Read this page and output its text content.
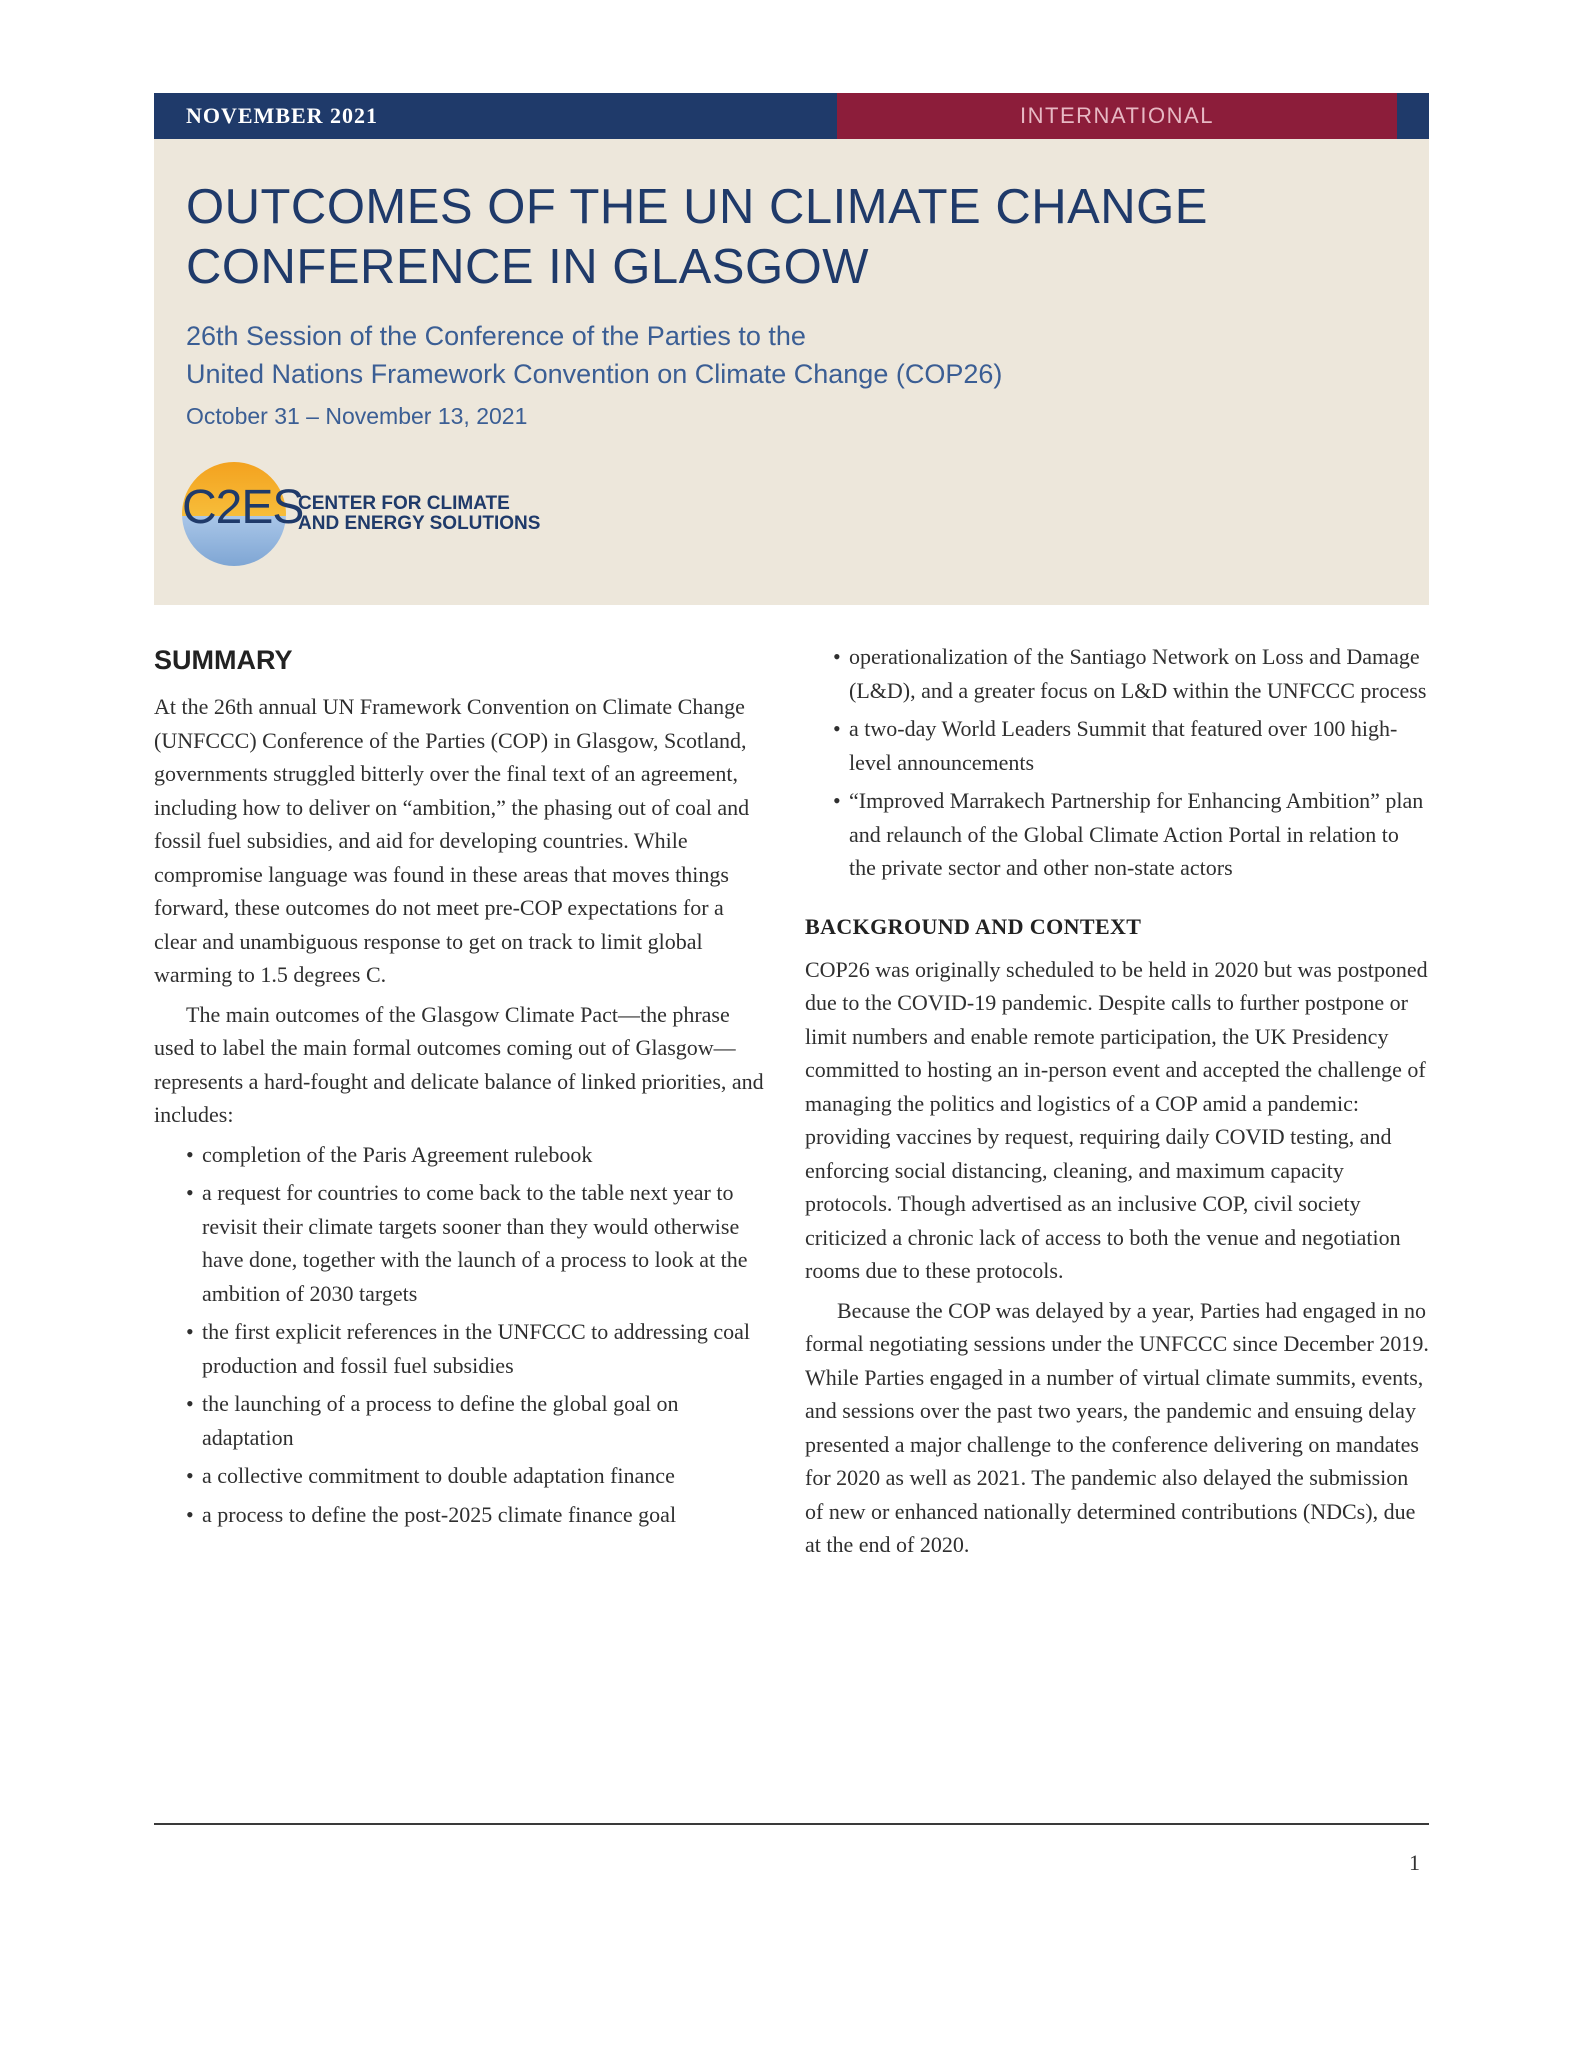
NOVEMBER 2021	INTERNATIONAL
OUTCOMES OF THE UN CLIMATE CHANGE
CONFERENCE IN GLASGOW

26th Session of the Conference of the Parties to the
United Nations Framework Convention on Climate Change (COP26)

October 31 – November 13, 2021

C2ES
CENTER FOR CLIMATE
AND ENERGY SOLUTIONS
SUMMARY

At the 26th annual UN Framework Convention on Climate Change (UNFCCC) Conference of the Parties (COP) in Glasgow, Scotland, governments struggled bitterly over the final text of an agreement, including how to deliver on “ambition,” the phasing out of coal and fossil fuel subsidies, and aid for developing countries. While compromise language was found in these areas that moves things forward, these outcomes do not meet pre-COP expectations for a clear and unambiguous response to get on track to limit global warming to 1.5 degrees C.

The main outcomes of the Glasgow Climate Pact—the phrase used to label the main formal outcomes coming out of Glasgow—represents a hard-fought and delicate balance of linked priorities, and includes:

• completion of the Paris Agreement rulebook
• a request for countries to come back to the table next year to revisit their climate targets sooner than they would otherwise have done, together with the launch of a process to look at the ambition of 2030 targets
• the first explicit references in the UNFCCC to addressing coal production and fossil fuel subsidies
• the launching of a process to define the global goal on adaptation
• a collective commitment to double adaptation finance
• a process to define the post-2025 climate finance goal
• operationalization of the Santiago Network on Loss and Damage (L&D), and a greater focus on L&D within the UNFCCC process
• a two-day World Leaders Summit that featured over 100 high-level announcements
• “Improved Marrakech Partnership for Enhancing Ambition” plan and relaunch of the Global Climate Action Portal in relation to the private sector and other non-state actors
BACKGROUND AND CONTEXT

COP26 was originally scheduled to be held in 2020 but was postponed due to the COVID-19 pandemic. Despite calls to further postpone or limit numbers and enable remote participation, the UK Presidency committed to hosting an in-person event and accepted the challenge of managing the politics and logistics of a COP amid a pandemic: providing vaccines by request, requiring daily COVID testing, and enforcing social distancing, cleaning, and maximum capacity protocols. Though advertised as an inclusive COP, civil society criticized a chronic lack of access to both the venue and negotiation rooms due to these protocols.

Because the COP was delayed by a year, Parties had engaged in no formal negotiating sessions under the UNFCCC since December 2019. While Parties engaged in a number of virtual climate summits, events, and sessions over the past two years, the pandemic and ensuing delay presented a major challenge to the conference delivering on mandates for 2020 as well as 2021. The pandemic also delayed the submission of new or enhanced nationally determined contributions (NDCs), due at the end of 2020.

1
